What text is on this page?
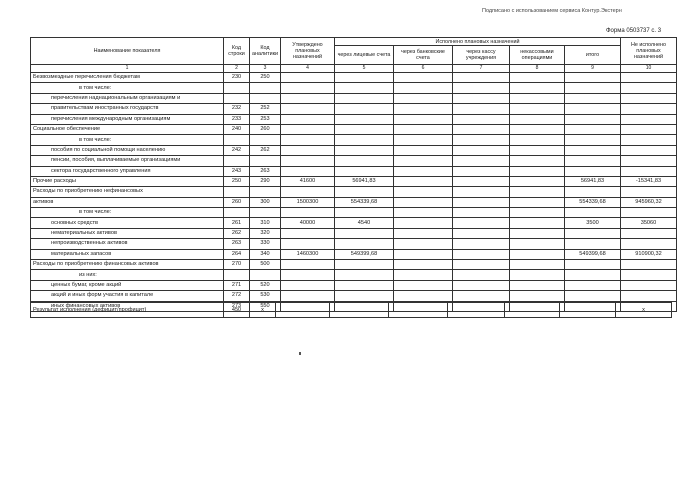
Подписано с использованием сервиса Контур.Экстерн
Форма 0503737 с. 3
Наименование показателя	Код строки	Код аналитики	Утверждено плановых назначений	Исполнено плановых назначений					Не исполнено плановых назначений
				через лицевые счета	через банковские счета	через кассу учреждения	некассовыми операциями	итого	
1	2	3	4	5	6	7	8	9	10
Безвозмездные перечисления бюджетам	230	250							
в том числе:									
перечисления наднациональным организациям и									
правительствам иностранных государств	232	252							
перечисления международным организациям	233	253							
Социальное обеспечение	240	260							
в том числе:									
пособия по социальной помощи населению	242	262							
пенсии, пособия, выплачиваемые организациями									
сектора государственного управления	243	263							
Прочие расходы	250	290	41600	56941,83				56941,83	-15341,83
Расходы по приобретению нефинансовых									
активов	260	300	1500300	554339,68				554339,68	945960,32
в том числе:									
основных средств	261	310	40000	4540				3500	35060
нематериальных активов	262	320							
непроизводственных активов	263	330							
материальных запасов	264	340	1460300	549399,68				549399,68	910900,32
Расходы по приобретению финансовых активов	270	500							
из них:									
ценных бумаг, кроме акций	271	520							
акций и иных форм участия в капитале	272	530							
иных финансовых активов	273	550							
Результат исполнения (дефицит/профицит)	450	x							x
